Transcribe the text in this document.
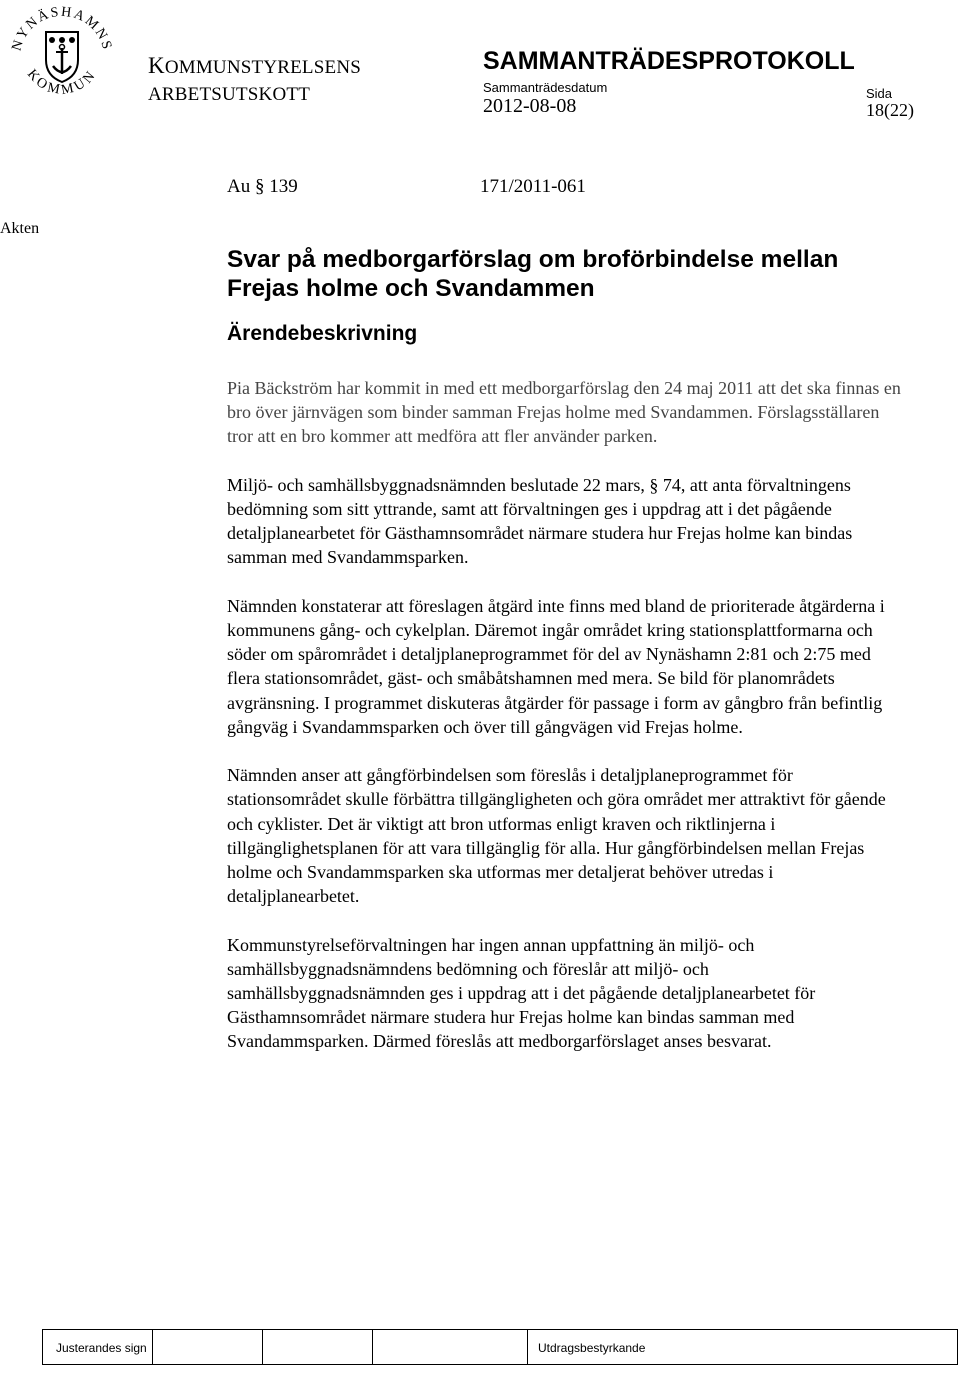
NYNÄSHAMNS
KOMMUN KOMMUNSTYRELSENS
ARBETSUTSKOTT
SAMMANTRÄDESPROTOKOLL
Sammanträdesdatum
2012-08-08
Sida
18(22)
Au § 139	171/2011-061
Akten
Svar på medborgarförslag om broförbindelse mellan
Frejas holme och Svandammen
Ärendebeskrivning

Pia Bäckström har kommit in med ett medborgarförslag den 24 maj 2011 att det ska finnas en bro över järnvägen som binder samman Frejas holme med Svandammen. Förslagsställaren tror att en bro kommer att medföra att fler använder parken.

Miljö- och samhällsbyggnadsnämnden beslutade 22 mars, § 74, att anta förvaltningens bedömning som sitt yttrande, samt att förvaltningen ges i uppdrag att i det pågående detaljplanearbetet för Gästhamnsområdet närmare studera hur Frejas holme kan bindas samman med Svandammsparken.

Nämnden konstaterar att föreslagen åtgärd inte finns med bland de prioriterade åtgärderna i kommunens gång- och cykelplan. Däremot ingår området kring stationsplattformarna och söder om spårområdet i detaljplaneprogrammet för del av Nynäshamn 2:81 och 2:75 med flera stationsområdet, gäst- och småbåtshamnen med mera. Se bild för planområdets avgränsning. I programmet diskuteras åtgärder för passage i form av gångbro från befintlig gångväg i Svandammsparken och över till gångvägen vid Frejas holme.

Nämnden anser att gångförbindelsen som föreslås i detaljplaneprogrammet för stationsområdet skulle förbättra tillgängligheten och göra området mer attraktivt för gående och cyklister. Det är viktigt att bron utformas enligt kraven och riktlinjerna i tillgänglighetsplanen för att vara tillgänglig för alla. Hur gångförbindelsen mellan Frejas holme och Svandammsparken ska utformas mer detaljerat behöver utredas i detaljplanearbetet.

Kommunstyrelseförvaltningen har ingen annan uppfattning än miljö- och samhällsbyggnadsnämndens bedömning och föreslår att miljö- och samhällsbyggnadsnämnden ges i uppdrag att i det pågående detaljplanearbetet för Gästhamnsområdet närmare studera hur Frejas holme kan bindas samman med Svandammsparken. Därmed föreslås att medborgarförslaget anses besvarat.

Justerandes sign	Utdragsbestyrkande
